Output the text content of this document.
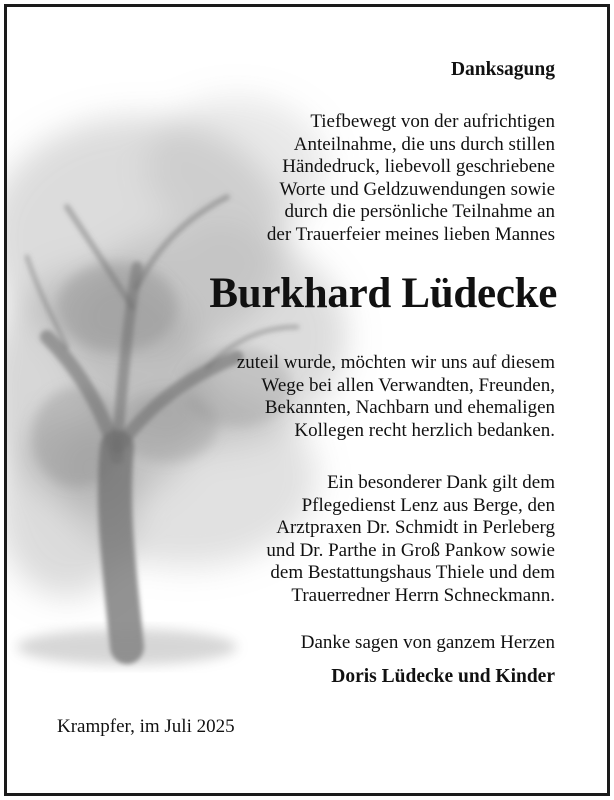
Danksagung

Tiefbewegt von der aufrichtigen
Anteilnahme, die uns durch stillen
Händedruck, liebevoll geschriebene
Worte und Geldzuwendungen sowie
durch die persönliche Teilnahme an
der Trauerfeier meines lieben Mannes

Burkhard Lüdecke

zuteil wurde, möchten wir uns auf diesem
Wege bei allen Verwandten, Freunden,
Bekannten, Nachbarn und ehemaligen
Kollegen recht herzlich bedanken.

Ein besonderer Dank gilt dem
Pflegedienst Lenz aus Berge, den
Arztpraxen Dr. Schmidt in Perleberg
und Dr. Parthe in Groß Pankow sowie
dem Bestattungshaus Thiele und dem
Trauerredner Herrn Schneckmann.

Danke sagen von ganzem Herzen

Doris Lüdecke und Kinder

Krampfer, im Juli 2025
